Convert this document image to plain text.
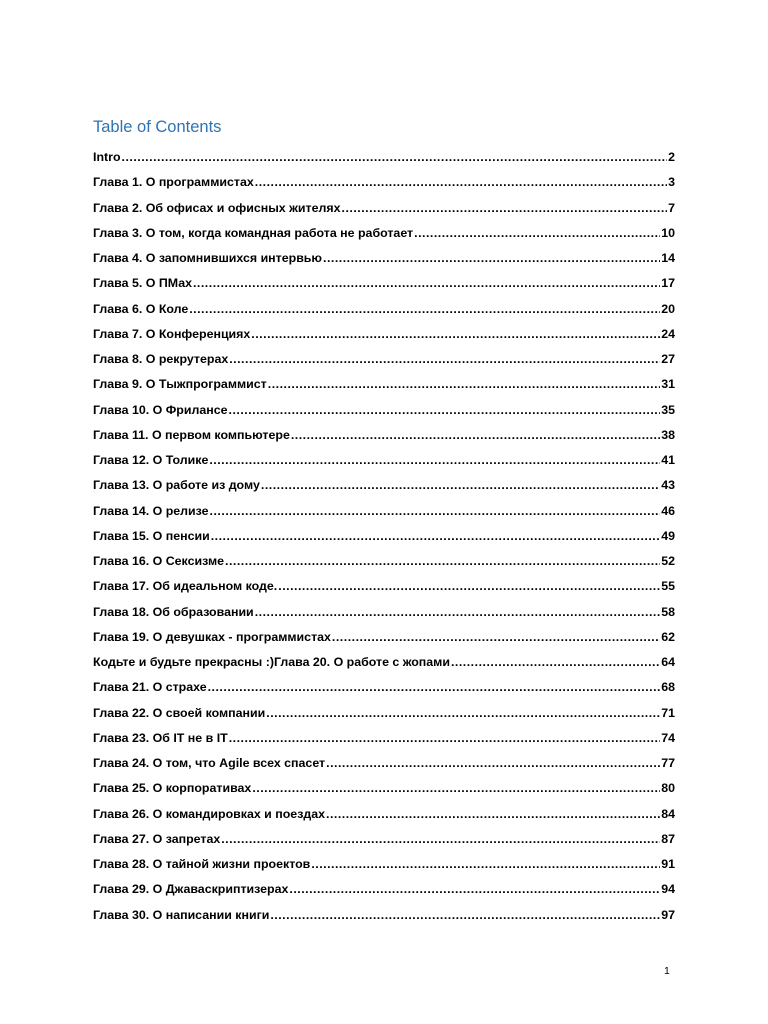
Table of Contents
Intro .....	2
Глава 1. О программистах .....	3
Глава 2. Об офисах и офисных жителях .....	7
Глава 3. О том, когда командная работа не работает .....	10
Глава 4. О запомнившихся интервью .....	14
Глава 5. О ПМах .....	17
Глава 6. О Коле .....	20
Глава 7. О Конференциях .....	24
Глава 8. О рекрутерах .....	27
Глава 9. О Тыжпрограммист .....	31
Глава 10. О Фрилансе .....	35
Глава 11. О первом компьютере .....	38
Глава 12. О Толике .....	41
Глава 13. О работе из дому .....	43
Глава 14. О релизе .....	46
Глава 15. О пенсии .....	49
Глава 16. О Сексизме .....	52
Глава 17. Об идеальном коде. .....	55
Глава 18. Об образовании .....	58
Глава 19. О девушках - программистах .....	62
Кодьте и будьте прекрасны :)Глава 20. О работе с жопами .....	64
Глава 21. О страхе .....	68
Глава 22. О своей компании .....	71
Глава 23. Об IT не в IT .....	74
Глава 24. О том, что Agile всех спасет .....	77
Глава 25. О корпоративах .....	80
Глава 26. О командировках и поездах .....	84
Глава 27. О запретах .....	87
Глава 28. О тайной жизни проектов .....	91
Глава 29. О Джаваскриптизерах .....	94
Глава 30. О написании книги .....	97
1
